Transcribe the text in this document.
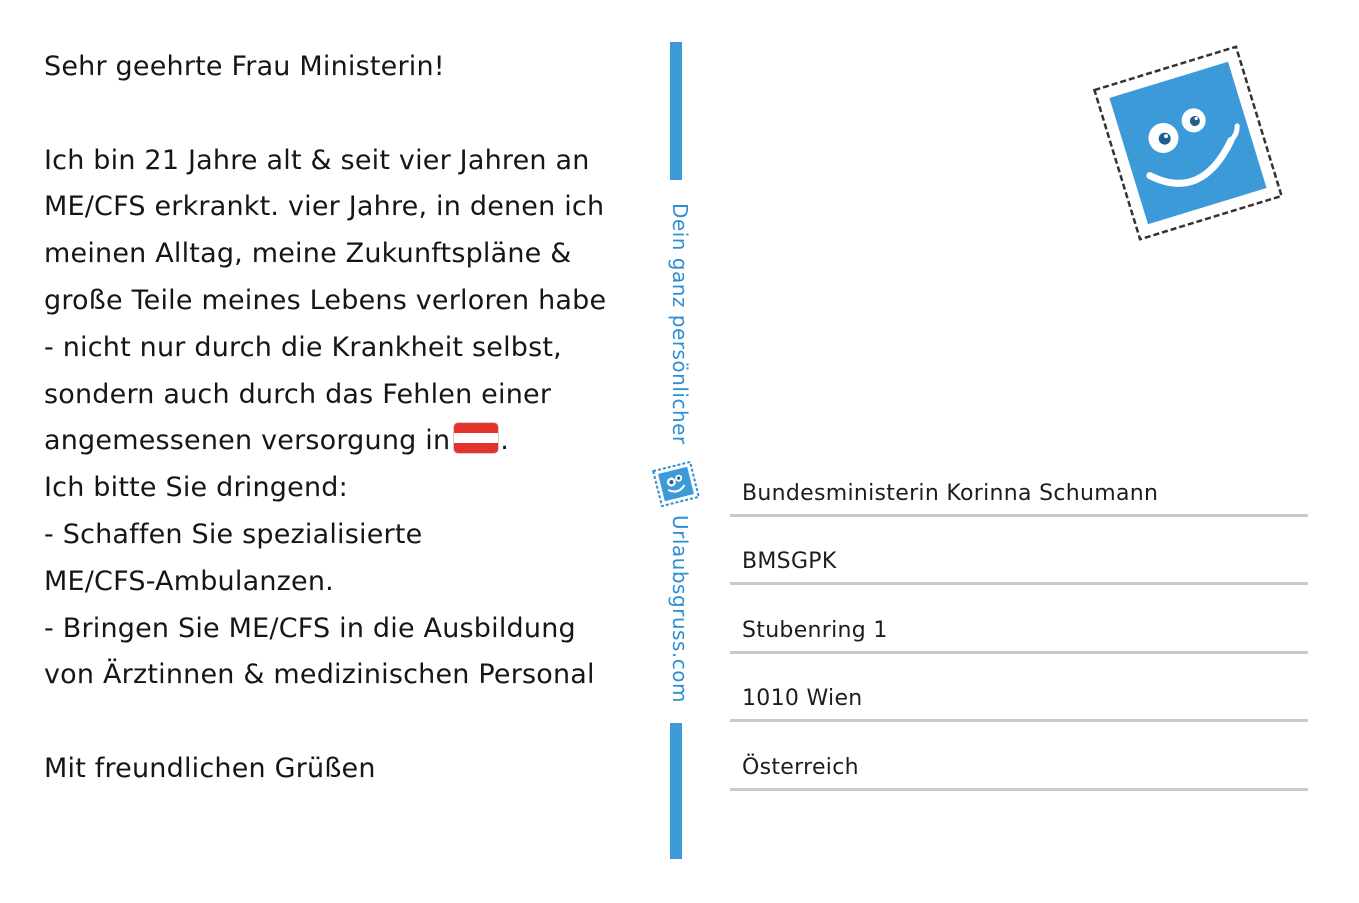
Sehr geehrte Frau Ministerin!
Ich bin 21 Jahre alt & seit vier Jahren an
ME/CFS erkrankt. vier Jahre, in denen ich
meinen Alltag, meine Zukunftspläne &
große Teile meines Lebens verloren habe
- nicht nur durch die Krankheit selbst,
sondern auch durch das Fehlen einer
angemessenen versorgung in .
Ich bitte Sie dringend:
- Schaffen Sie spezialisierte
ME/CFS-Ambulanzen.
- Bringen Sie ME/CFS in die Ausbildung
von Ärztinnen & medizinischen Personal
Mit freundlichen Grüßen
Dein ganz persönlicher
Urlaubsgruss.com
Bundesministerin Korinna Schumann
BMSGPK
Stubenring 1
1010 Wien
Österreich
